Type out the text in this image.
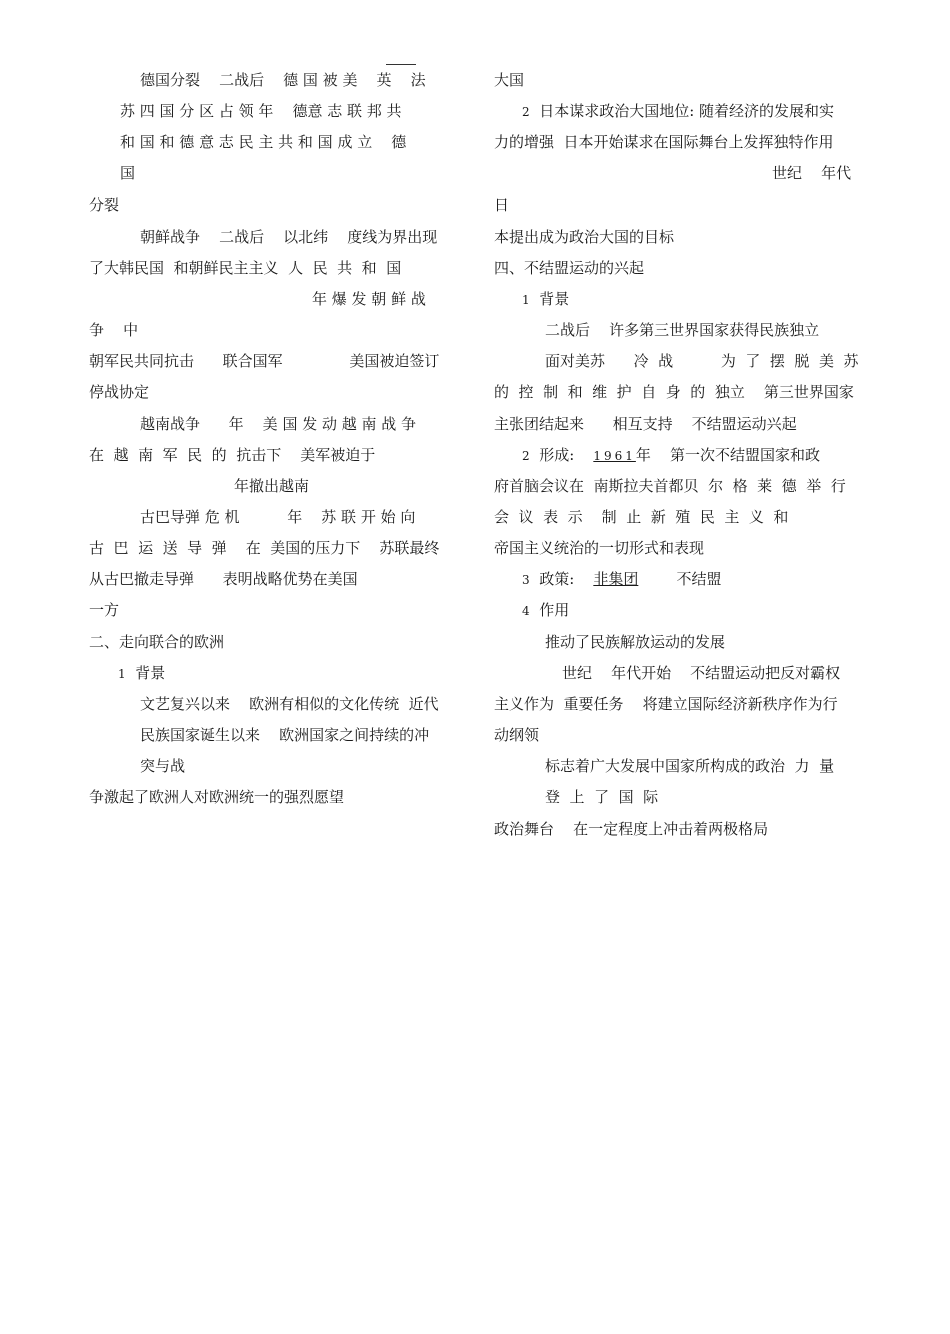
德国分裂    二战后    德 国 被 美    英    法
苏 四 国 分 区 占 领 年    德意 志 联 邦 共
和 国 和 德 意 志 民 主 共 和 国 成 立    德
国
分裂
朝鲜战争    二战后    以北纬    度线为界出现
了大韩民国  和朝鲜民主主义  人  民  共  和  国
年 爆 发 朝 鲜 战
争    中
朝军民共同抗击      联合国军              美国被迫签订
停战协定
越南战争      年    美 国 发 动 越 南 战 争
在  越  南  军  民  的  抗击下    美军被迫于
年撤出越南
古巴导弹 危 机          年    苏 联 开 始 向
古  巴  运  送  导  弹    在  美国的压力下    苏联最终
从古巴撤走导弹      表明战略优势在美国
一方
二、走向联合的欧洲
1 背景
文艺复兴以来    欧洲有相似的文化传统  近代
民族国家诞生以来    欧洲国家之间持续的冲
突与战
争激起了欧洲人对欧洲统一的强烈愿望
大国
2 日本谋求政治大国地位: 随着经济的发展和实
力的增强  日本开始谋求在国际舞台上发挥独特作用
世纪    年代
日
本提出成为政治大国的目标
四、不结盟运动的兴起
1 背景
二战后    许多第三世界国家获得民族独立
面对美苏      冷  战          为  了  摆  脱  美  苏
的  控  制  和  维  护  自  身  的  独立    第三世界国家
主张团结起来      相互支持    不结盟运动兴起
2 形成: 1961年    第一次不结盟国家和政
府首脑会议在  南斯拉夫首都贝  尔  格  莱  德  举  行
会  议  表  示    制  止  新  殖  民  主  义  和
帝国主义统治的一切形式和表现
3 政策: 非集团	不结盟
4 作用
推动了民族解放运动的发展
世纪    年代开始    不结盟运动把反对霸权
主义作为  重要任务    将建立国际经济新秩序作为行
动纲领
标志着广大发展中国家所构成的政治  力  量
登  上  了  国  际
政治舞台    在一定程度上冲击着两极格局
